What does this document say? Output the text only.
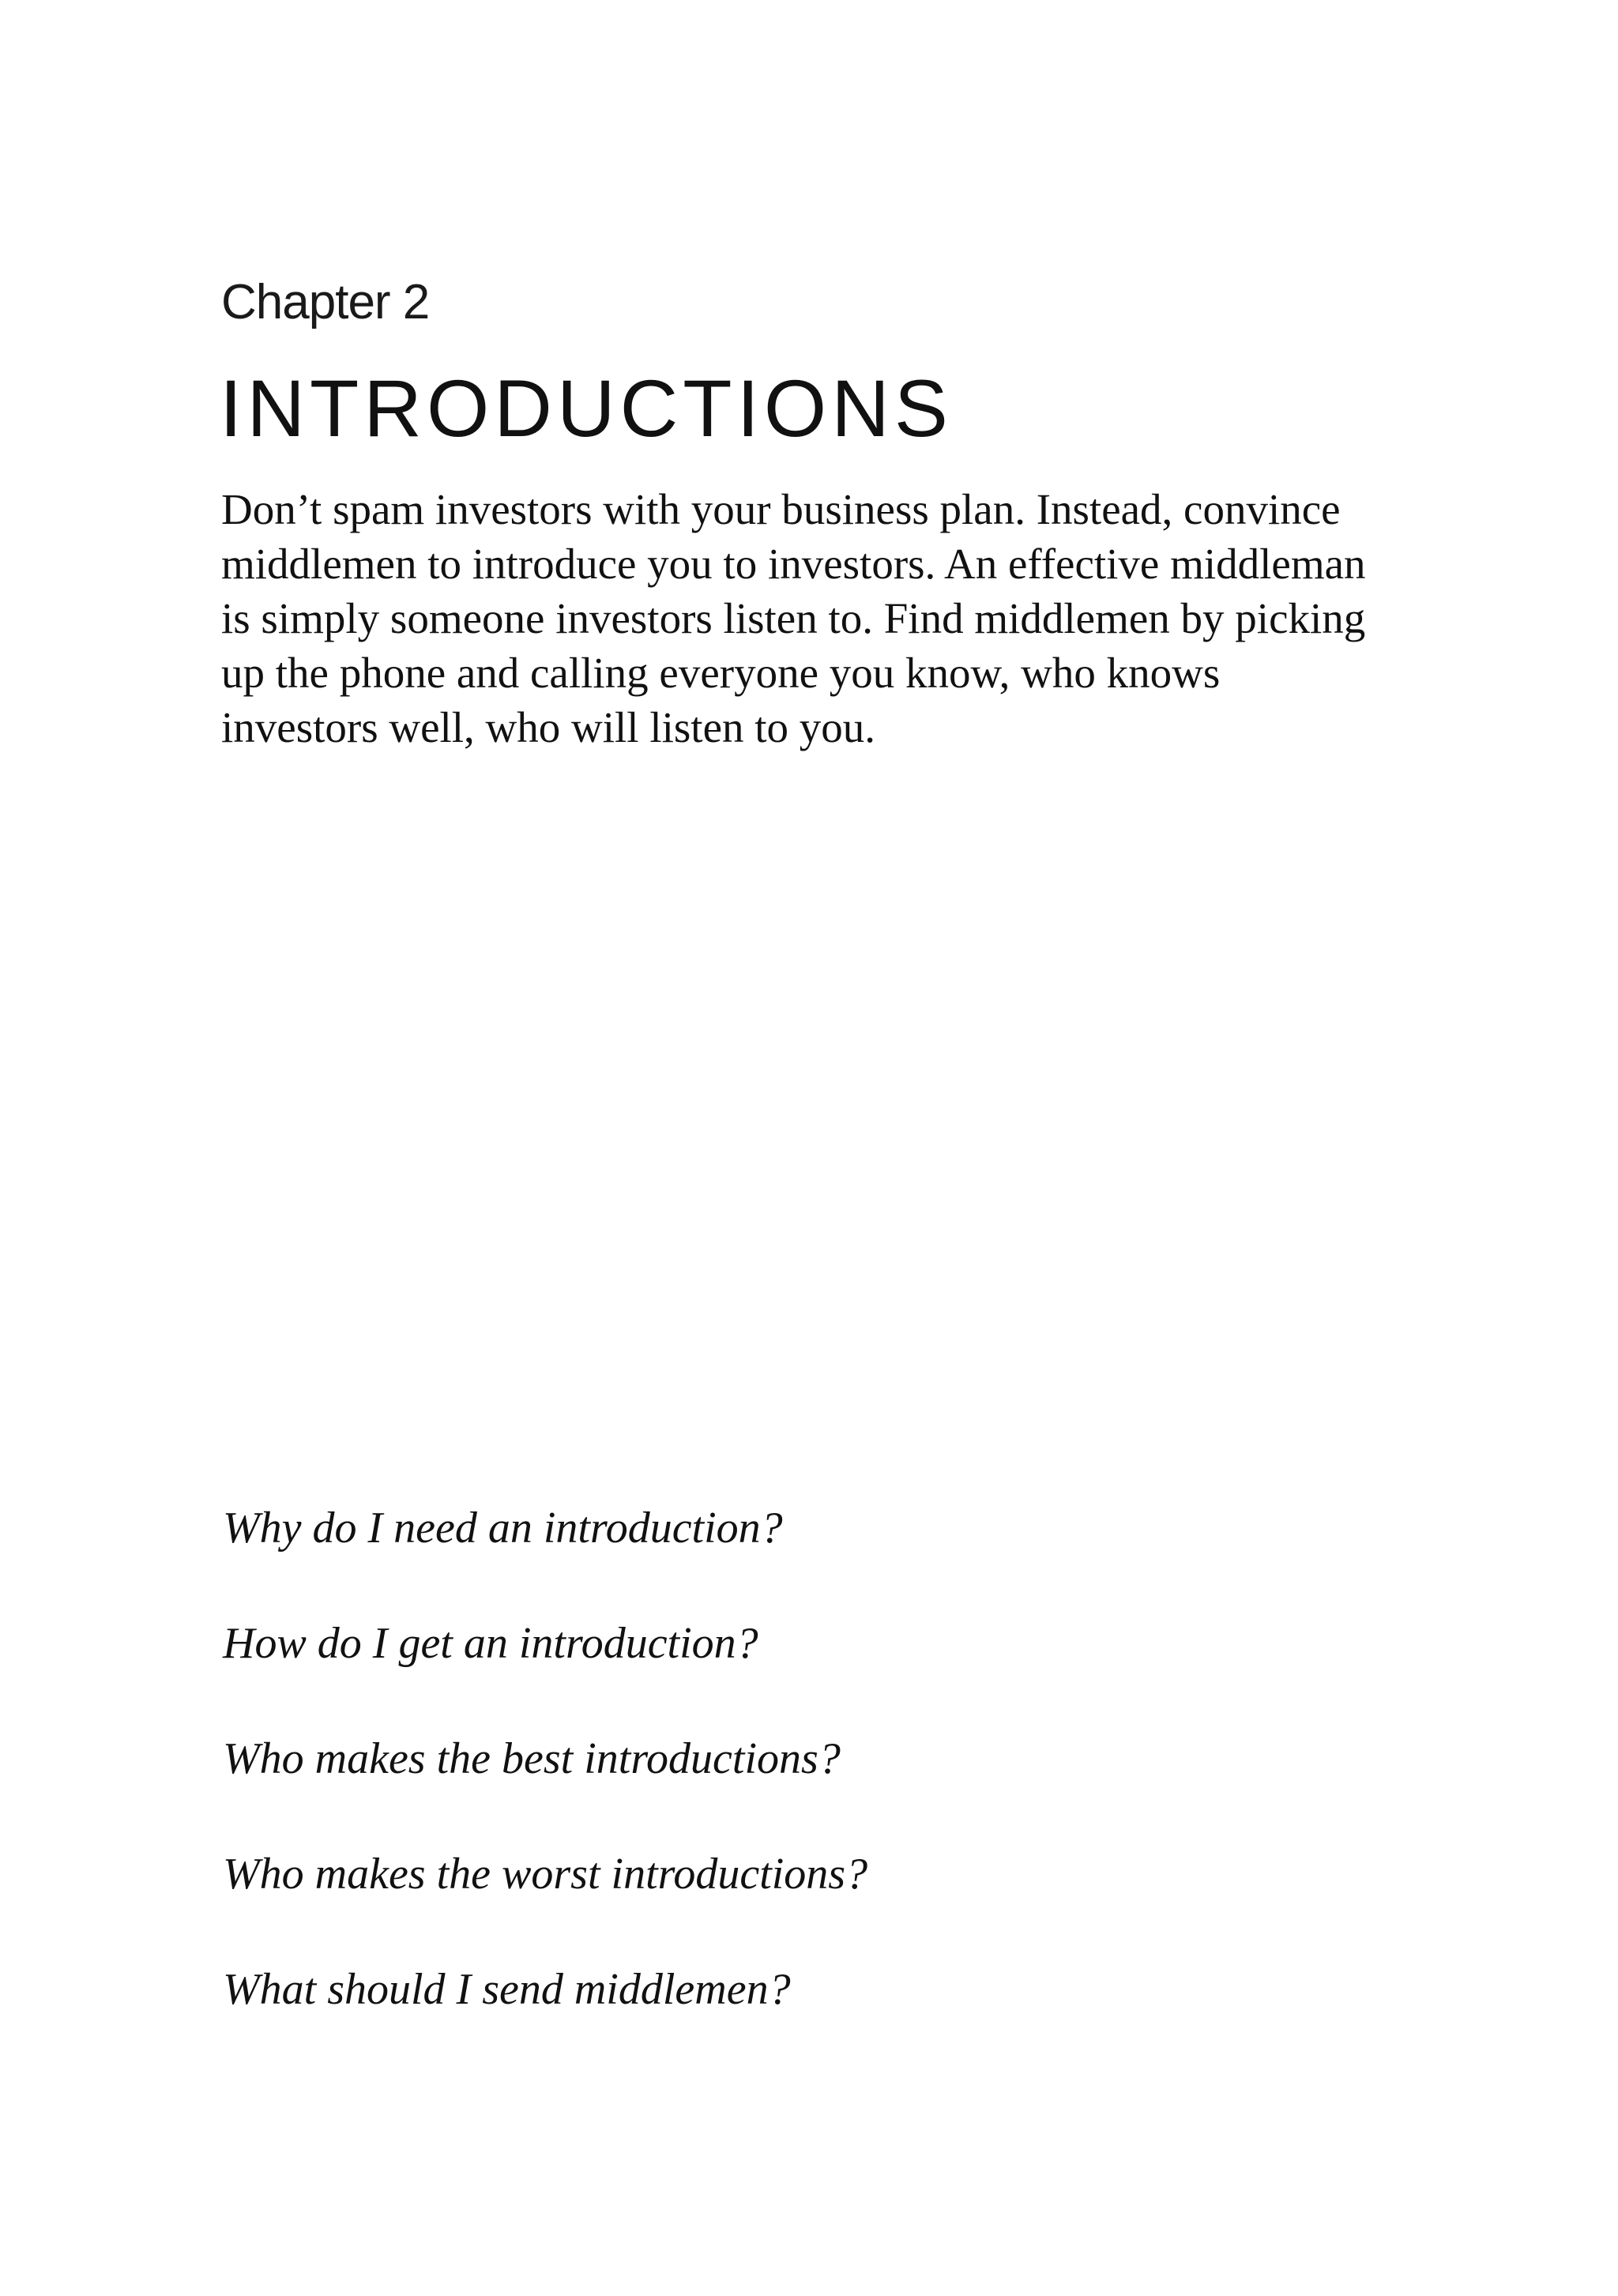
Chapter 2
INTRODUCTIONS

Don’t spam investors with your business plan. Instead, convince
middlemen to introduce you to investors. An effective middleman
is simply someone investors listen to. Find middlemen by picking
up the phone and calling everyone you know, who knows
investors well, who will listen to you.

Why do I need an introduction?
How do I get an introduction?
Who makes the best introductions?
Who makes the worst introductions?
What should I send middlemen?
